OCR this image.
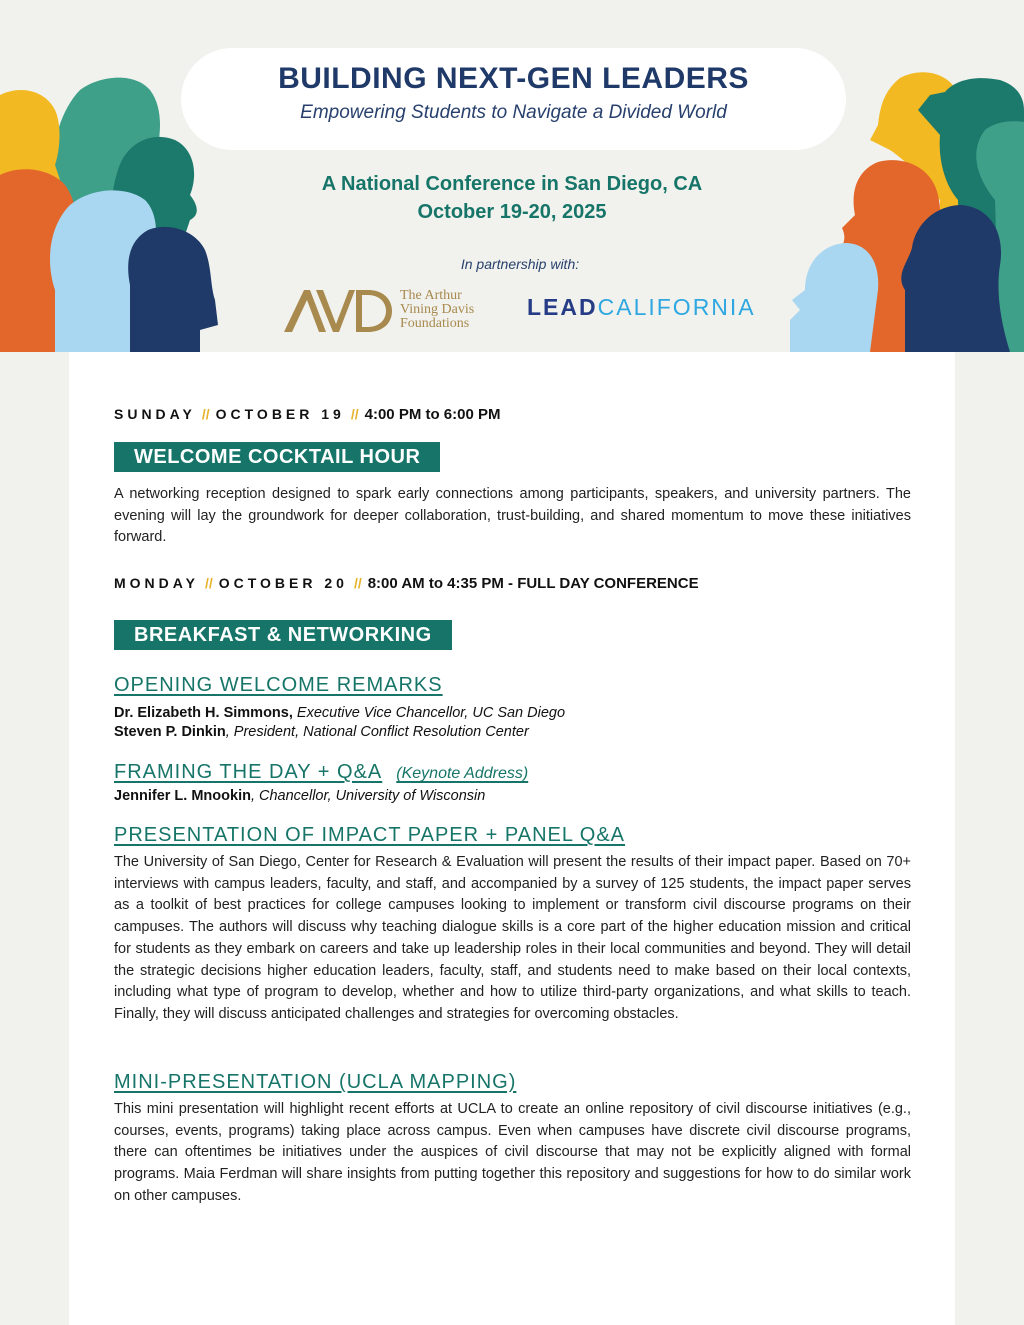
BUILDING NEXT-GEN LEADERS
Empowering Students to Navigate a Divided World
A National Conference in San Diego, CA
October 19-20, 2025
In partnership with:
The Arthur
Vining Davis
Foundations
LEADCALIFORNIA
SUNDAY // OCTOBER 19 // 4:00 PM to 6:00 PM
WELCOME COCKTAIL HOUR
A networking reception designed to spark early connections among participants, speakers, and university partners. The evening will lay the groundwork for deeper collaboration, trust-building, and shared momentum to move these initiatives forward.
MONDAY // OCTOBER 20 // 8:00 AM to 4:35 PM - FULL DAY CONFERENCE
BREAKFAST & NETWORKING
OPENING WELCOME REMARKS
Dr. Elizabeth H. Simmons, Executive Vice Chancellor, UC San Diego
Steven P. Dinkin, President, National Conflict Resolution Center
FRAMING THE DAY + Q&A (Keynote Address)
Jennifer L. Mnookin, Chancellor, University of Wisconsin
PRESENTATION OF IMPACT PAPER + PANEL Q&A
The University of San Diego, Center for Research & Evaluation will present the results of their impact paper. Based on 70+ interviews with campus leaders, faculty, and staff, and accompanied by a survey of 125 students, the impact paper serves as a toolkit of best practices for college campuses looking to implement or transform civil discourse programs on their campuses. The authors will discuss why teaching dialogue skills is a core part of the higher education mission and critical for students as they embark on careers and take up leadership roles in their local communities and beyond. They will detail the strategic decisions higher education leaders, faculty, staff, and students need to make based on their local contexts, including what type of program to develop, whether and how to utilize third-party organizations, and what skills to teach. Finally, they will discuss anticipated challenges and strategies for overcoming obstacles.
MINI-PRESENTATION (UCLA MAPPING)
This mini presentation will highlight recent efforts at UCLA to create an online repository of civil discourse initiatives (e.g., courses, events, programs) taking place across campus. Even when campuses have discrete civil discourse programs, there can oftentimes be initiatives under the auspices of civil discourse that may not be explicitly aligned with formal programs. Maia Ferdman will share insights from putting together this repository and suggestions for how to do similar work on other campuses.
